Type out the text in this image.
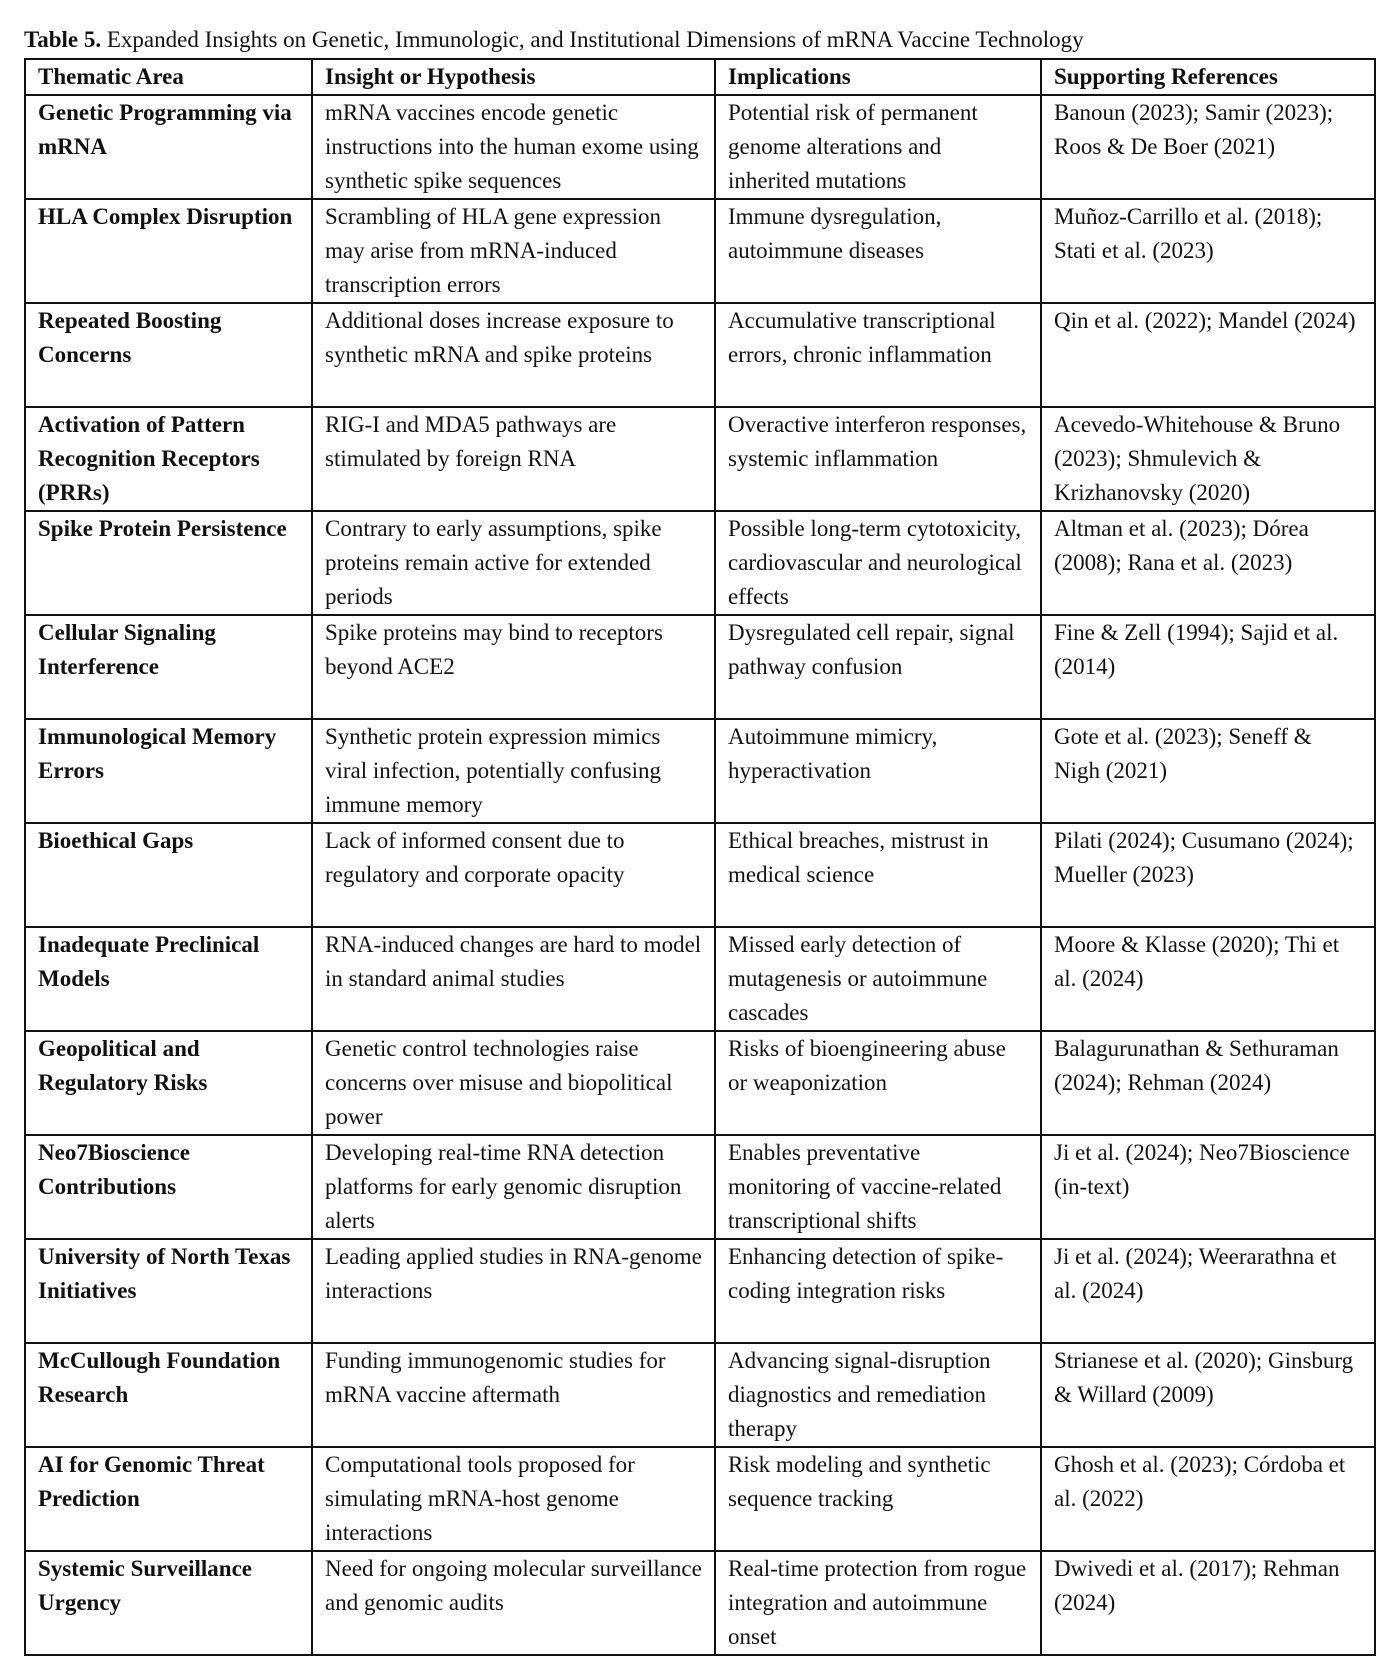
Table 5. Expanded Insights on Genetic, Immunologic, and Institutional Dimensions of mRNA Vaccine Technology
Thematic Area	Insight or Hypothesis	Implications	Supporting References
Genetic Programming via mRNA	mRNA vaccines encode genetic instructions into the human exome using synthetic spike sequences	Potential risk of permanent genome alterations and inherited mutations	Banoun (2023); Samir (2023); Roos & De Boer (2021)
HLA Complex Disruption	Scrambling of HLA gene expression may arise from mRNA-induced transcription errors	Immune dysregulation, autoimmune diseases	Muñoz-Carrillo et al. (2018); Stati et al. (2023)
Repeated Boosting Concerns	Additional doses increase exposure to synthetic mRNA and spike proteins	Accumulative transcriptional errors, chronic inflammation	Qin et al. (2022); Mandel (2024)
Activation of Pattern Recognition Receptors (PRRs)	RIG-I and MDA5 pathways are stimulated by foreign RNA	Overactive interferon responses, systemic inflammation	Acevedo-Whitehouse & Bruno (2023); Shmulevich & Krizhanovsky (2020)
Spike Protein Persistence	Contrary to early assumptions, spike proteins remain active for extended periods	Possible long-term cytotoxicity, cardiovascular and neurological effects	Altman et al. (2023); Dórea (2008); Rana et al. (2023)
Cellular Signaling Interference	Spike proteins may bind to receptors beyond ACE2	Dysregulated cell repair, signal pathway confusion	Fine & Zell (1994); Sajid et al. (2014)
Immunological Memory Errors	Synthetic protein expression mimics viral infection, potentially confusing immune memory	Autoimmune mimicry, hyperactivation	Gote et al. (2023); Seneff & Nigh (2021)
Bioethical Gaps	Lack of informed consent due to regulatory and corporate opacity	Ethical breaches, mistrust in medical science	Pilati (2024); Cusumano (2024); Mueller (2023)
Inadequate Preclinical Models	RNA-induced changes are hard to model in standard animal studies	Missed early detection of mutagenesis or autoimmune cascades	Moore & Klasse (2020); Thi et al. (2024)
Geopolitical and Regulatory Risks	Genetic control technologies raise concerns over misuse and biopolitical power	Risks of bioengineering abuse or weaponization	Balagurunathan & Sethuraman (2024); Rehman (2024)
Neo7Bioscience Contributions	Developing real-time RNA detection platforms for early genomic disruption alerts	Enables preventative monitoring of vaccine-related transcriptional shifts	Ji et al. (2024); Neo7Bioscience (in-text)
University of North Texas Initiatives	Leading applied studies in RNA-genome interactions	Enhancing detection of spike-coding integration risks	Ji et al. (2024); Weerarathna et al. (2024)
McCullough Foundation Research	Funding immunogenomic studies for mRNA vaccine aftermath	Advancing signal-disruption diagnostics and remediation therapy	Strianese et al. (2020); Ginsburg & Willard (2009)
AI for Genomic Threat Prediction	Computational tools proposed for simulating mRNA-host genome interactions	Risk modeling and synthetic sequence tracking	Ghosh et al. (2023); Córdoba et al. (2022)
Systemic Surveillance Urgency	Need for ongoing molecular surveillance and genomic audits	Real-time protection from rogue integration and autoimmune onset	Dwivedi et al. (2017); Rehman (2024)
